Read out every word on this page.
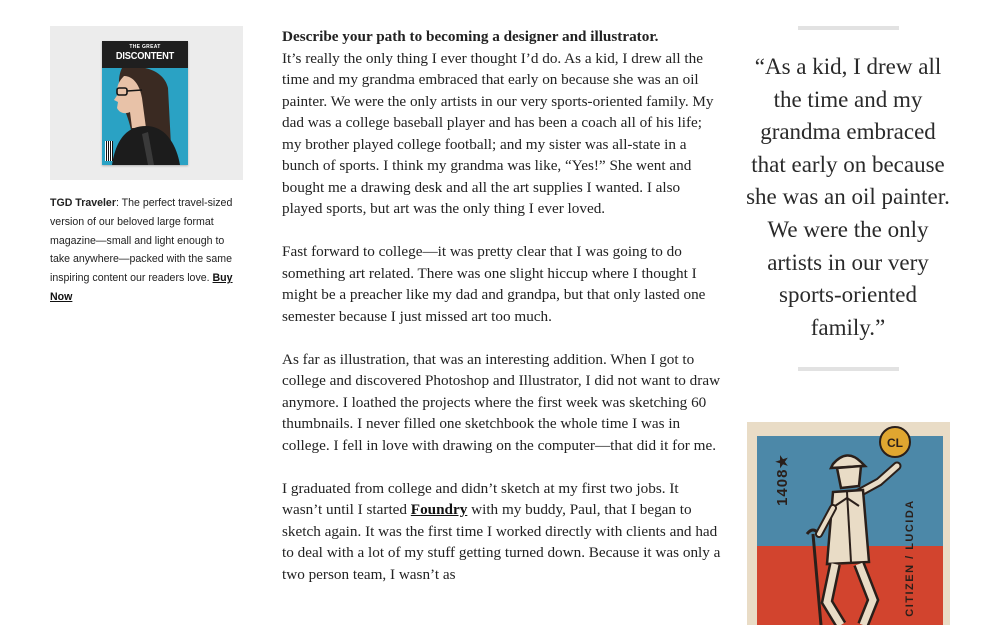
THE GREAT
DISCONTENT

TGD Traveler: The perfect travel-sized version of our beloved large format magazine—small and light enough to take anywhere—packed with the same inspiring content our readers love. Buy Now

Describe your path to becoming a designer and illustrator.
It’s really the only thing I ever thought I’d do. As a kid, I drew all the time and my grandma embraced that early on because she was an oil painter. We were the only artists in our very sports-oriented family. My dad was a college baseball player and has been a coach all of his life; my brother played college football; and my sister was all-state in a bunch of sports. I think my grandma was like, “Yes!” She went and bought me a drawing desk and all the art supplies I wanted. I also played sports, but art was the only thing I ever loved.

Fast forward to college—it was pretty clear that I was going to do something art related. There was one slight hiccup where I thought I might be a preacher like my dad and grandpa, but that only lasted one semester because I just missed art too much.

As far as illustration, that was an interesting addition. When I got to college and discovered Photoshop and Illustrator, I did not want to draw anymore. I loathed the projects where the first week was sketching 60 thumbnails. I never filled one sketchbook the whole time I was in college. I fell in love with drawing on the computer—that did it for me.

I graduated from college and didn’t sketch at my first two jobs. It wasn’t until I started Foundry with my buddy, Paul, that I began to sketch again. It was the first time I worked directly with clients and had to deal with a lot of my stuff getting turned down. Because it was only a two person team, I wasn’t as

“As a kid, I drew all the time and my grandma embraced that early on because she was an oil painter. We were the only artists in our very sports-oriented family.”
CL
1408★
CITIZEN / LUCIDA
